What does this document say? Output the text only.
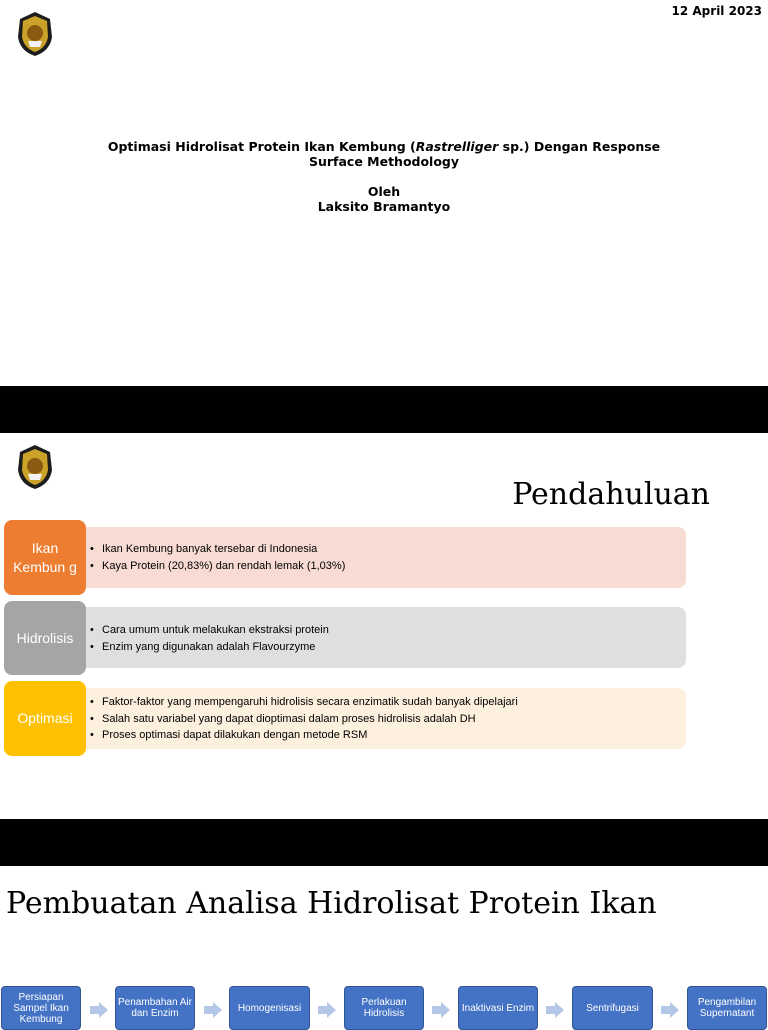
12 April 2023
Optimasi Hidrolisat Protein Ikan Kembung (Rastrelliger sp.) Dengan Response Surface Methodology
Oleh
Laksito Bramantyo
Pendahuluan
Ikan Kembun g
• Ikan Kembung banyak tersebar di Indonesia
• Kaya Protein (20,83%) dan rendah lemak (1,03%)
Hidrolisis
•	Cara umum untuk melakukan ekstraksi protein
• Enzim yang digunakan adalah Flavourzyme
Optimasi
• Faktor-faktor yang mempengaruhi hidrolisis secara enzimatik sudah banyak dipelajari
• Salah satu variabel yang dapat dioptimasi dalam proses hidrolisis adalah DH
• Proses optimasi dapat dilakukan dengan metode RSM
Pembuatan Analisa Hidrolisat Protein Ikan
Persiapan Sampel Ikan Kembung
Penambahan Air dan Enzim	Homogenisasi	Perlakuan Hidrolisis	Inaktivasi Enzim	Sentrifugasi	Pengambilan Supernatant
